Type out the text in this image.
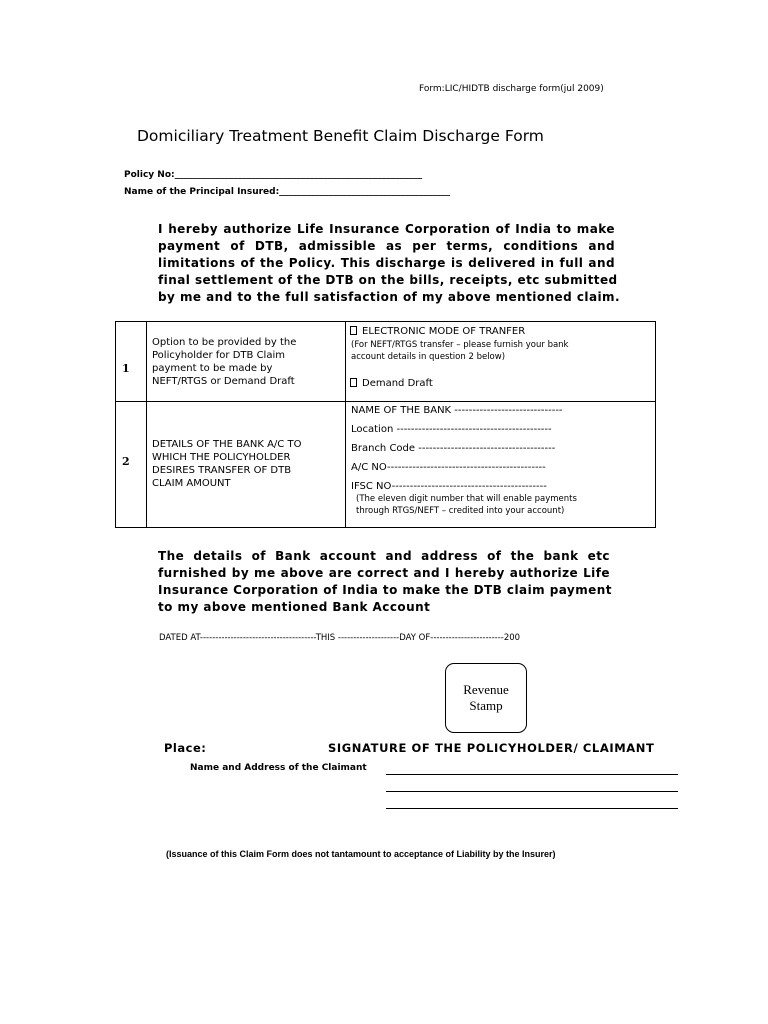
Form:LIC/HIDTB discharge form(jul 2009)
Domiciliary Treatment Benefit Claim Discharge Form
Policy No:_______________________________________________________
Name of the Principal Insured:______________________________________
I hereby authorize Life Insurance Corporation of India to make
payment of DTB, admissible as per terms, conditions and
limitations of the Policy. This discharge is delivered in full and
final settlement of the DTB on the bills, receipts, etc submitted
by me and to the full satisfaction of my above mentioned claim.
1
Option to be provided by the
Policyholder for DTB Claim
payment to be made by
NEFT/RTGS or Demand Draft
ELECTRONIC MODE OF TRANFER
(For NEFT/RTGS transfer – please furnish your bank
account details in question 2 below)
Demand Draft
2
DETAILS OF THE BANK A/C TO
WHICH THE POLICYHOLDER
DESIRES TRANSFER OF DTB
CLAIM AMOUNT
NAME OF THE BANK ------------------------------
Location -------------------------------------------
Branch Code --------------------------------------
A/C NO--------------------------------------------
IFSC NO-------------------------------------------
(The eleven digit number that will enable payments
through RTGS/NEFT – credited into your account)
The details of Bank account and address of the bank etc
furnished by me above are correct and I hereby authorize Life
Insurance Corporation of India to make the DTB claim payment
to my above mentioned Bank Account
DATED AT--------------------------------------THIS --------------------DAY OF------------------------200
Revenue
Stamp
Place:	SIGNATURE OF THE POLICYHOLDER/ CLAIMANT
Name and Address of the Claimant
(Issuance of this Claim Form does not tantamount to acceptance of Liability by the Insurer)
